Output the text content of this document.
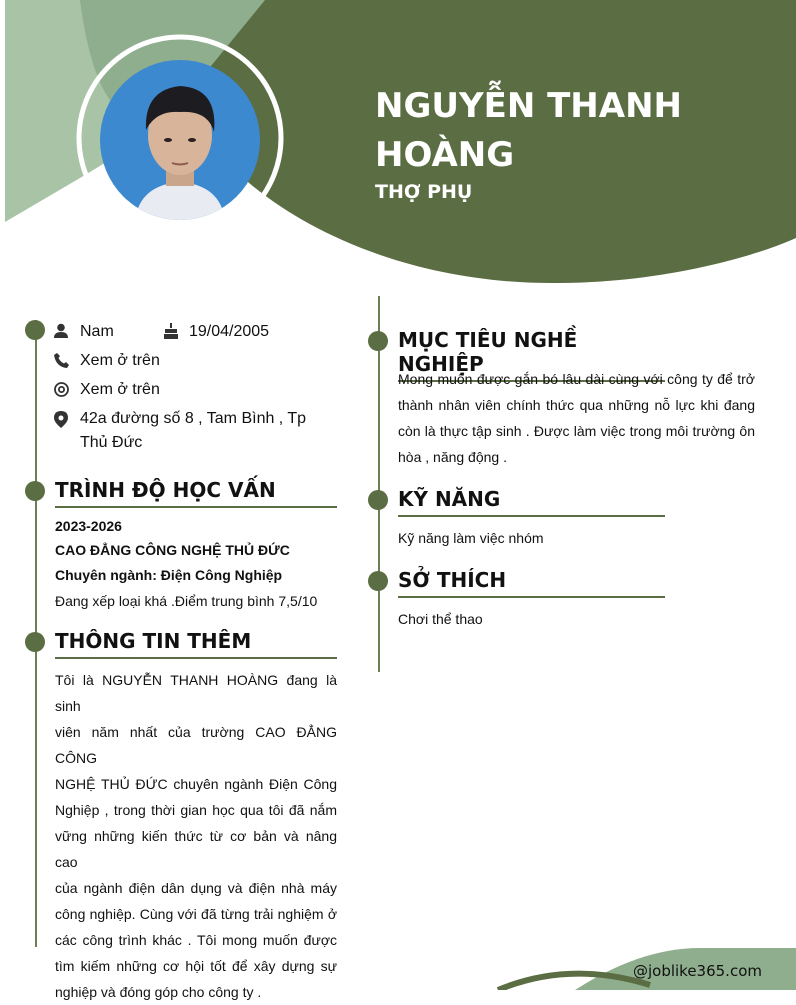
NGUYỄN THANH HOÀNG
THỢ PHỤ
Nam	19/04/2005
Xem ở trên
Xem ở trên
42a đường số 8 , Tam Bình , Tp
Thủ Đức
TRÌNH ĐỘ HỌC VẤN
2023-2026
CAO ĐẲNG CÔNG NGHỆ THỦ ĐỨC
Chuyên ngành: Điện Công Nghiệp
Đang xếp loại khá .Điểm trung bình 7,5/10
THÔNG TIN THÊM
Tôi là NGUYỄN THANH HOÀNG đang là sinh
viên năm nhất của trường CAO ĐẲNG CÔNG
NGHỆ THỦ ĐỨC chuyên ngành Điện Công
Nghiệp , trong thời gian học qua tôi đã nắm
vững những kiến thức từ cơ bản và nâng cao
của ngành điện dân dụng và điện nhà máy
công nghiệp. Cùng với đã từng trải nghiệm ở
các công trình khác . Tôi mong muốn được
tìm kiếm những cơ hội tốt để xây dựng sự
nghiệp và đóng góp cho công ty .
MỤC TIÊU NGHỀ NGHIỆP
Mong muốn được gắn bó lâu dài cùng với công ty để trở
thành nhân viên chính thức qua những nỗ lực khi đang
còn là thực tập sinh . Được làm việc trong môi trường ôn
hòa , năng động .
KỸ NĂNG
Kỹ năng làm việc nhóm
SỞ THÍCH
Chơi thể thao
@joblike365.com
